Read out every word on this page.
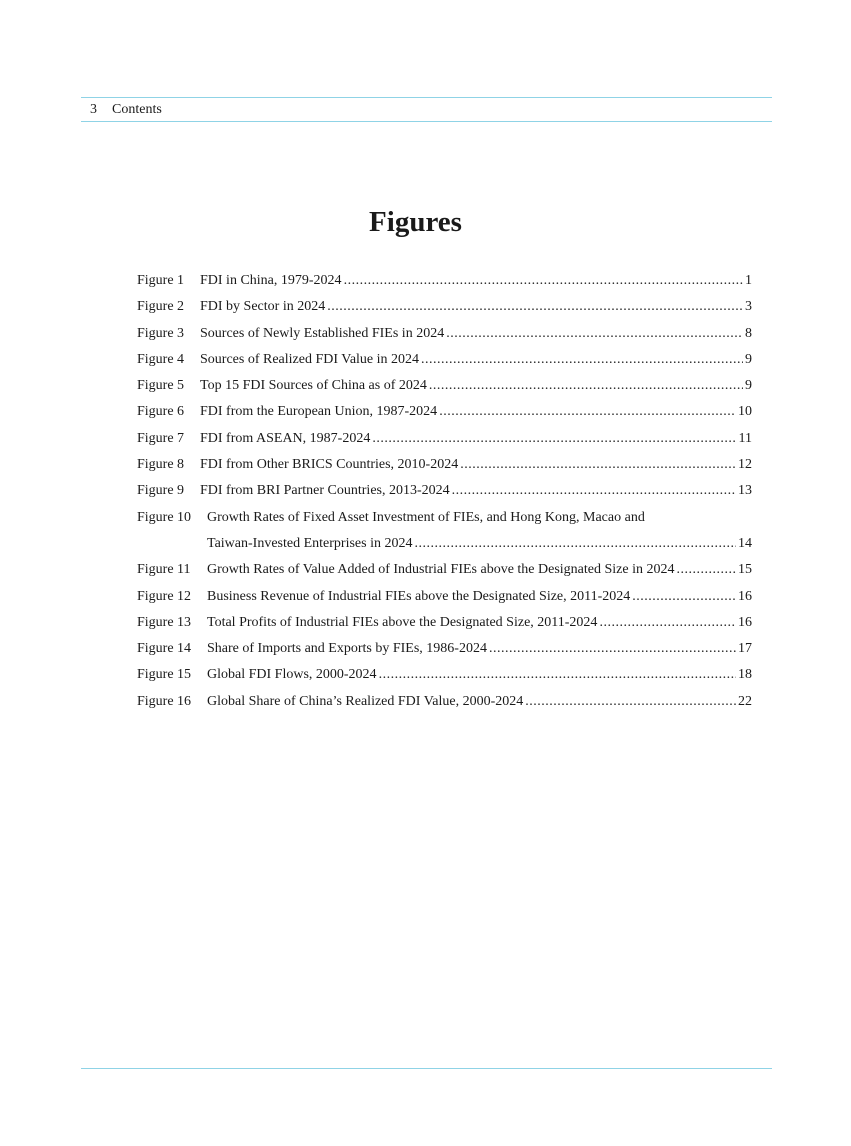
3 Contents
Figures
Figure 1	FDI in China, 1979-2024 .....	1
Figure 2	FDI by Sector in 2024 .....	3
Figure 3	Sources of Newly Established FIEs in 2024 .....	8
Figure 4	Sources of Realized FDI Value in 2024 .....	9
Figure 5	Top 15 FDI Sources of China as of 2024 .....	9
Figure 6	FDI from the European Union, 1987-2024 .....	10
Figure 7	FDI from ASEAN, 1987-2024 .....	11
Figure 8	FDI from Other BRICS Countries, 2010-2024 .....	12
Figure 9	FDI from BRI Partner Countries, 2013-2024 .....	13
Figure 10	Growth Rates of Fixed Asset Investment of FIEs, and Hong Kong, Macao and
Taiwan-Invested Enterprises in 2024 .....	14
Figure 11	Growth Rates of Value Added of Industrial FIEs above the Designated Size in 2024 .....	15
Figure 12	Business Revenue of Industrial FIEs above the Designated Size, 2011-2024 .....	16
Figure 13	Total Profits of Industrial FIEs above the Designated Size, 2011-2024 .....	16
Figure 14	Share of Imports and Exports by FIEs, 1986-2024 .....	17
Figure 15	Global FDI Flows, 2000-2024 .....	18
Figure 16	Global Share of China’s Realized FDI Value, 2000-2024 .....	22
